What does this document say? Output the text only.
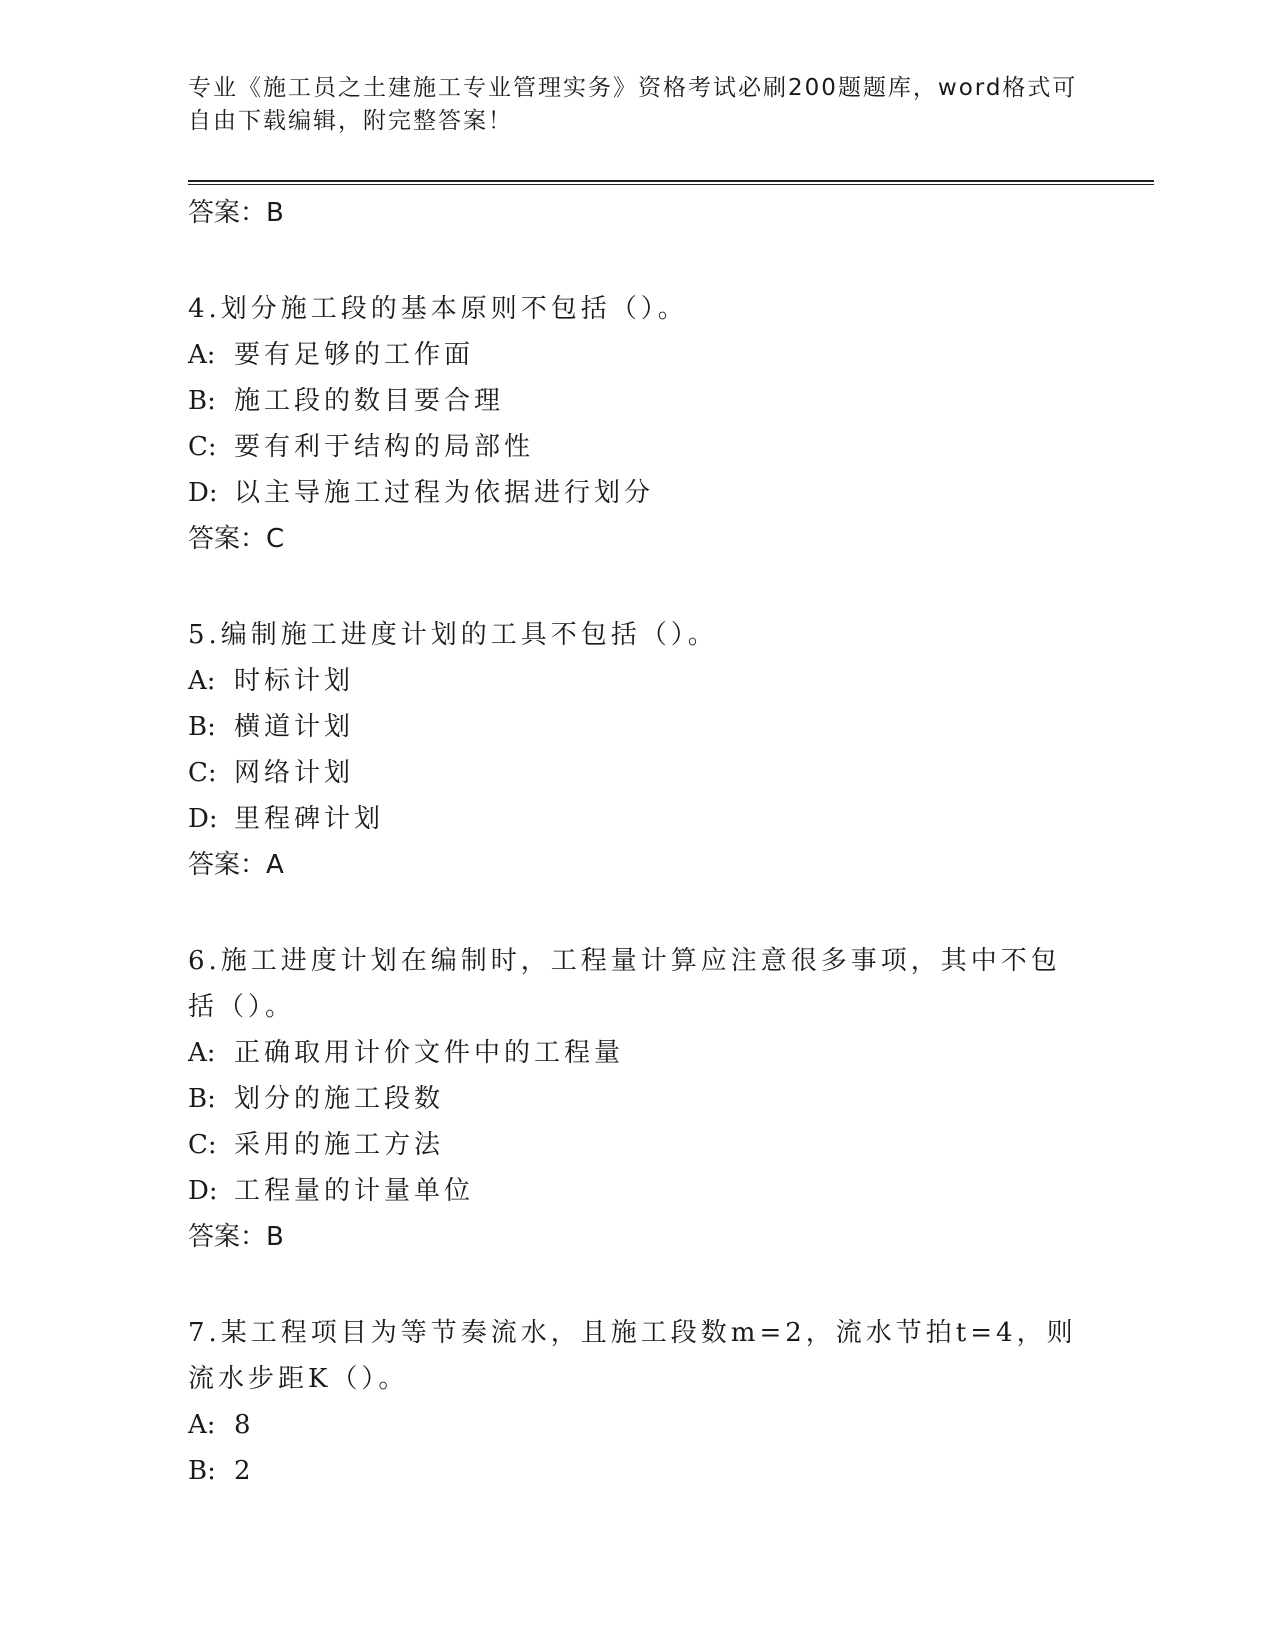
专业《施工员之土建施工专业管理实务》资格考试必刷200题题库，word格式可自由下载编辑，附完整答案！
答案：B
4.划分施工段的基本原则不包括（）。
A: 要有足够的工作面
B: 施工段的数目要合理
C: 要有利于结构的局部性
D: 以主导施工过程为依据进行划分
答案：C
5.编制施工进度计划的工具不包括（）。
A: 时标计划
B: 横道计划
C: 网络计划
D: 里程碑计划
答案：A
6.施工进度计划在编制时，工程量计算应注意很多事项，其中不包括（）。
A: 正确取用计价文件中的工程量
B: 划分的施工段数
C: 采用的施工方法
D: 工程量的计量单位
答案：B
7.某工程项目为等节奏流水，且施工段数m=2，流水节拍t=4，则流水步距K（）。
A: 8
B: 2
